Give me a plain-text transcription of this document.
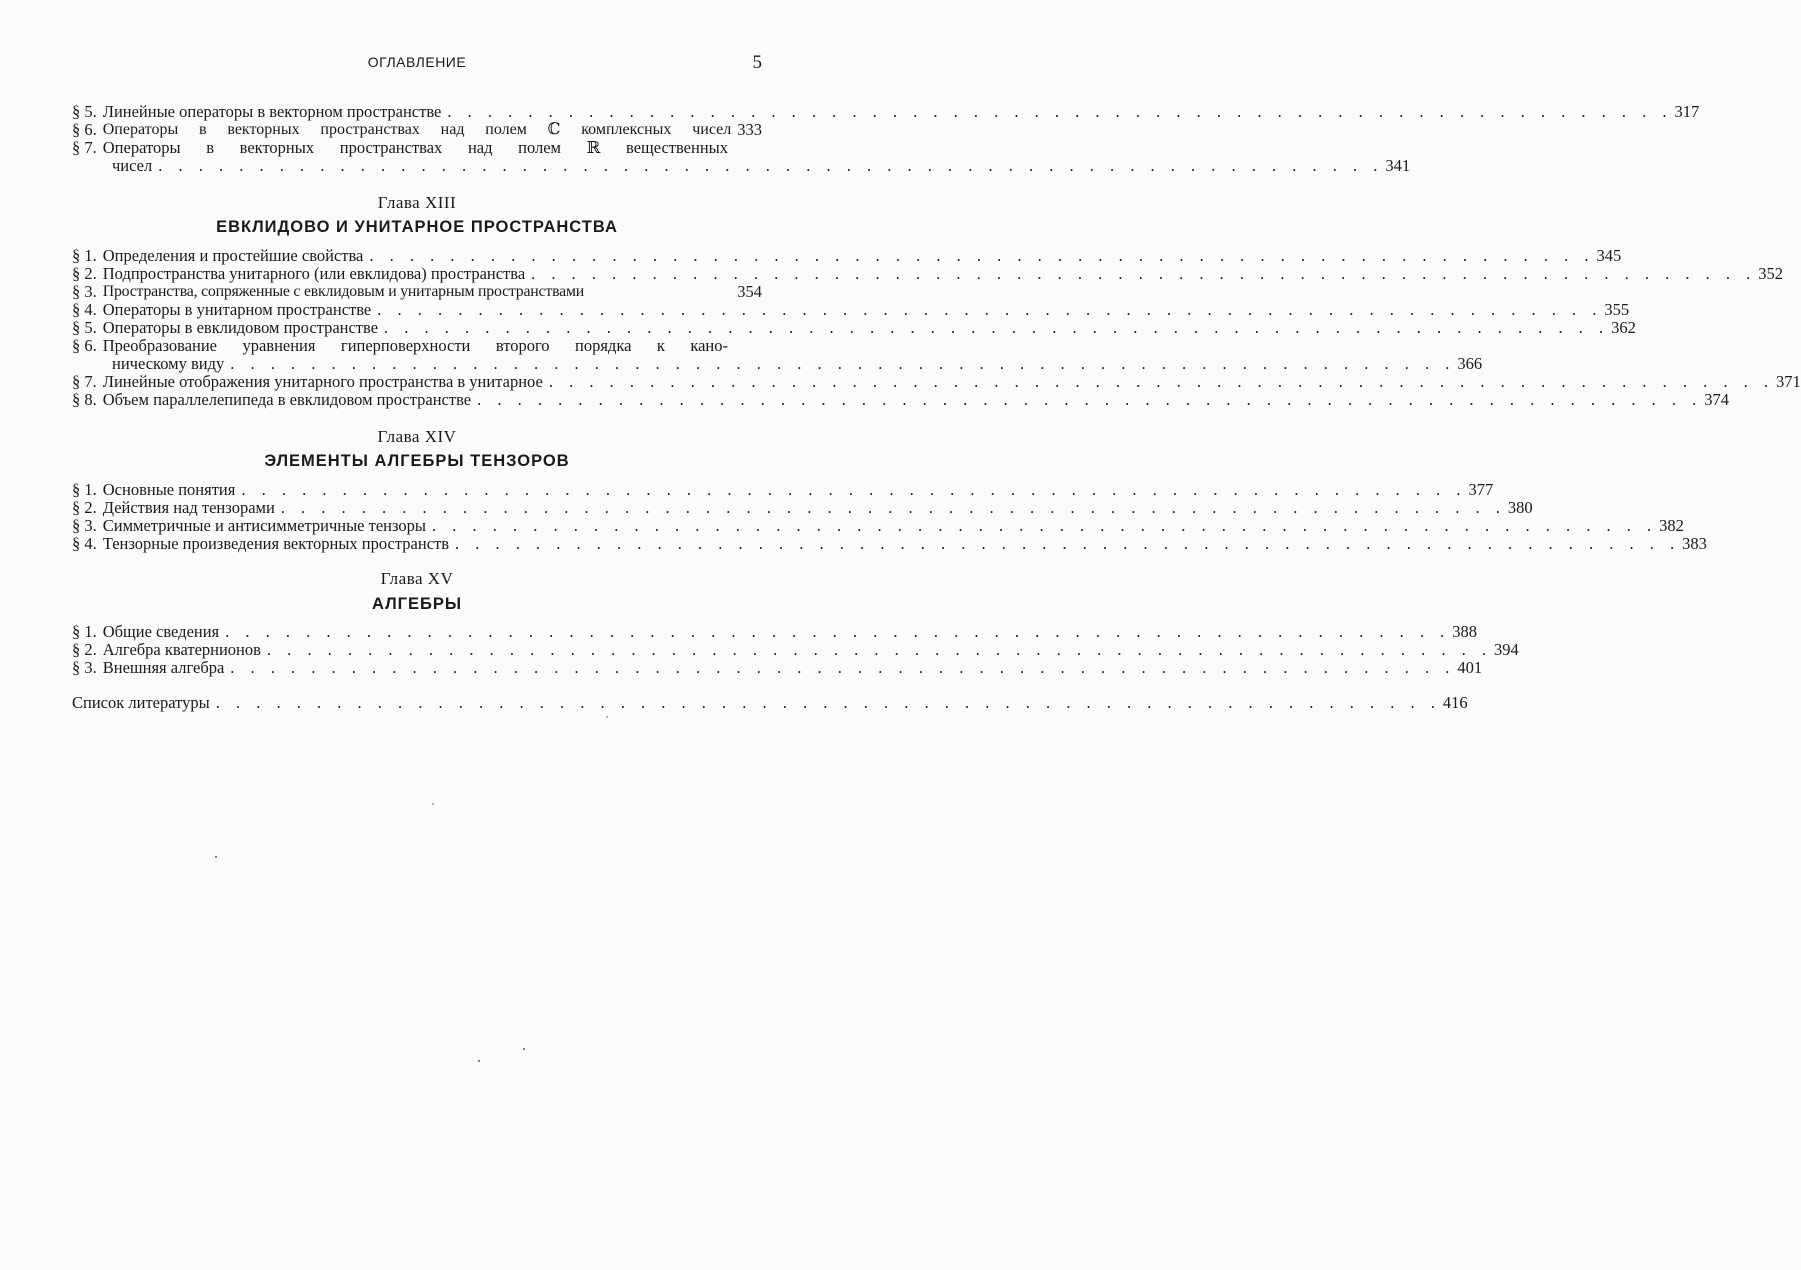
ОГЛАВЛЕНИЕ	5
§ 5. Линейные операторы в векторном пространстве . . . . . . . . . . . . . . . . . . . . . . . . . . . . . . . . . . . . . . . . . . . . . . . . . . . . . . . . . . . . . 317
§ 6. Операторы в векторных пространствах над полем ℂ комплексных чисел 333
§ 7. Операторы в векторных пространствах над полем ℝ вещественных
чисел . . . . . . . . . . . . . . . . . . . . . . . . . . . . . . . . . . . . . . . . . . . . . . . . . . . . . . . . . . . . . 341
Глава XIII
ЕВКЛИДОВО И УНИТАРНОЕ ПРОСТРАНСТВА
§ 1. Определения и простейшие свойства . . . . . . . . . . . . . . . . . . . . . . . . . . . . . . . . . . . . . . . . . . . . . . . . . . . . . . . . . . . . . 345
§ 2. Подпространства унитарного (или евклидова) пространства . . . . . . . . . . . . . . . . . . . . . . . . . . . . . . . . . . . . . . . . . . . . . . . . . . . . . . . . . . . . . 352
§ 3. Пространства, сопряженные с евклидовым и унитарным пространствами	354
§ 4. Операторы в унитарном пространстве . . . . . . . . . . . . . . . . . . . . . . . . . . . . . . . . . . . . . . . . . . . . . . . . . . . . . . . . . . . . . 355
§ 5. Операторы в евклидовом пространстве . . . . . . . . . . . . . . . . . . . . . . . . . . . . . . . . . . . . . . . . . . . . . . . . . . . . . . . . . . . . . 362
§ 6. Преобразование уравнения гиперповерхности второго порядка к кано-
ническому виду . . . . . . . . . . . . . . . . . . . . . . . . . . . . . . . . . . . . . . . . . . . . . . . . . . . . . . . . . . . . . 366
§ 7. Линейные отображения унитарного пространства в унитарное . . . . . . . . . . . . . . . . . . . . . . . . . . . . . . . . . . . . . . . . . . . . . . . . . . . . . . . . . . . . . 371
§ 8. Объем параллелепипеда в евклидовом пространстве . . . . . . . . . . . . . . . . . . . . . . . . . . . . . . . . . . . . . . . . . . . . . . . . . . . . . . . . . . . . . 374
Глава XIV
ЭЛЕМЕНТЫ АЛГЕБРЫ ТЕНЗОРОВ
§ 1. Основные понятия . . . . . . . . . . . . . . . . . . . . . . . . . . . . . . . . . . . . . . . . . . . . . . . . . . . . . . . . . . . . . 377
§ 2. Действия над тензорами . . . . . . . . . . . . . . . . . . . . . . . . . . . . . . . . . . . . . . . . . . . . . . . . . . . . . . . . . . . . . 380
§ 3. Симметричные и антисимметричные тензоры . . . . . . . . . . . . . . . . . . . . . . . . . . . . . . . . . . . . . . . . . . . . . . . . . . . . . . . . . . . . . 382
§ 4. Тензорные произведения векторных пространств . . . . . . . . . . . . . . . . . . . . . . . . . . . . . . . . . . . . . . . . . . . . . . . . . . . . . . . . . . . . . 383
Глава XV
АЛГЕБРЫ
§ 1. Общие сведения . . . . . . . . . . . . . . . . . . . . . . . . . . . . . . . . . . . . . . . . . . . . . . . . . . . . . . . . . . . . . 388
§ 2. Алгебра кватернионов . . . . . . . . . . . . . . . . . . . . . . . . . . . . . . . . . . . . . . . . . . . . . . . . . . . . . . . . . . . . . 394
§ 3. Внешняя алгебра . . . . . . . . . . . . . . . . . . . . . . . . . . . . . . . . . . . . . . . . . . . . . . . . . . . . . . . . . . . . . 401
Список литературы . . . . . . . . . . . . . . . . . . . . . . . . . . . . . . . . . . . . . . . . . . . . . . . . . . . . . . . . . . . . . 416
